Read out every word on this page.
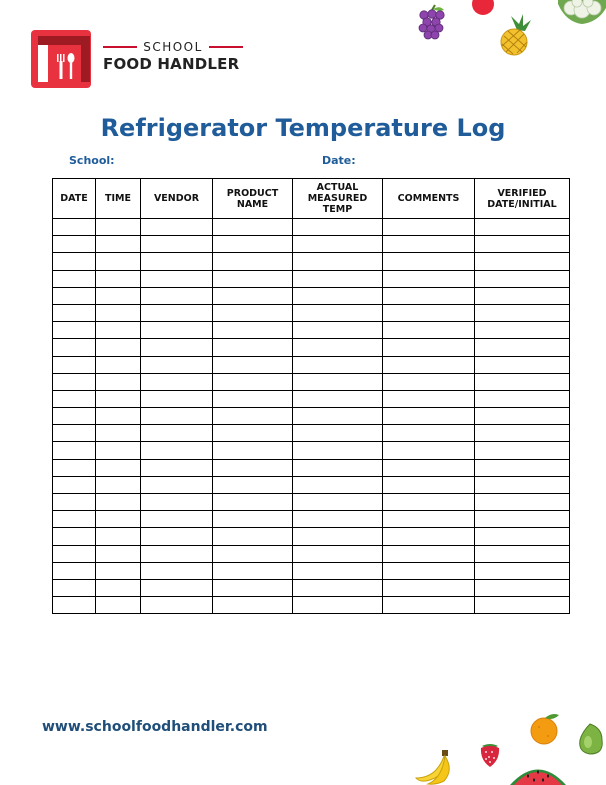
SCHOOL
FOOD HANDLER
Refrigerator Temperature Log
School:	Date:
DATE	TIME	VENDOR	PRODUCT NAME	ACTUAL MEASURED TEMP	COMMENTS	VERIFIED DATE/INITIAL

www.schoolfoodhandler.com
